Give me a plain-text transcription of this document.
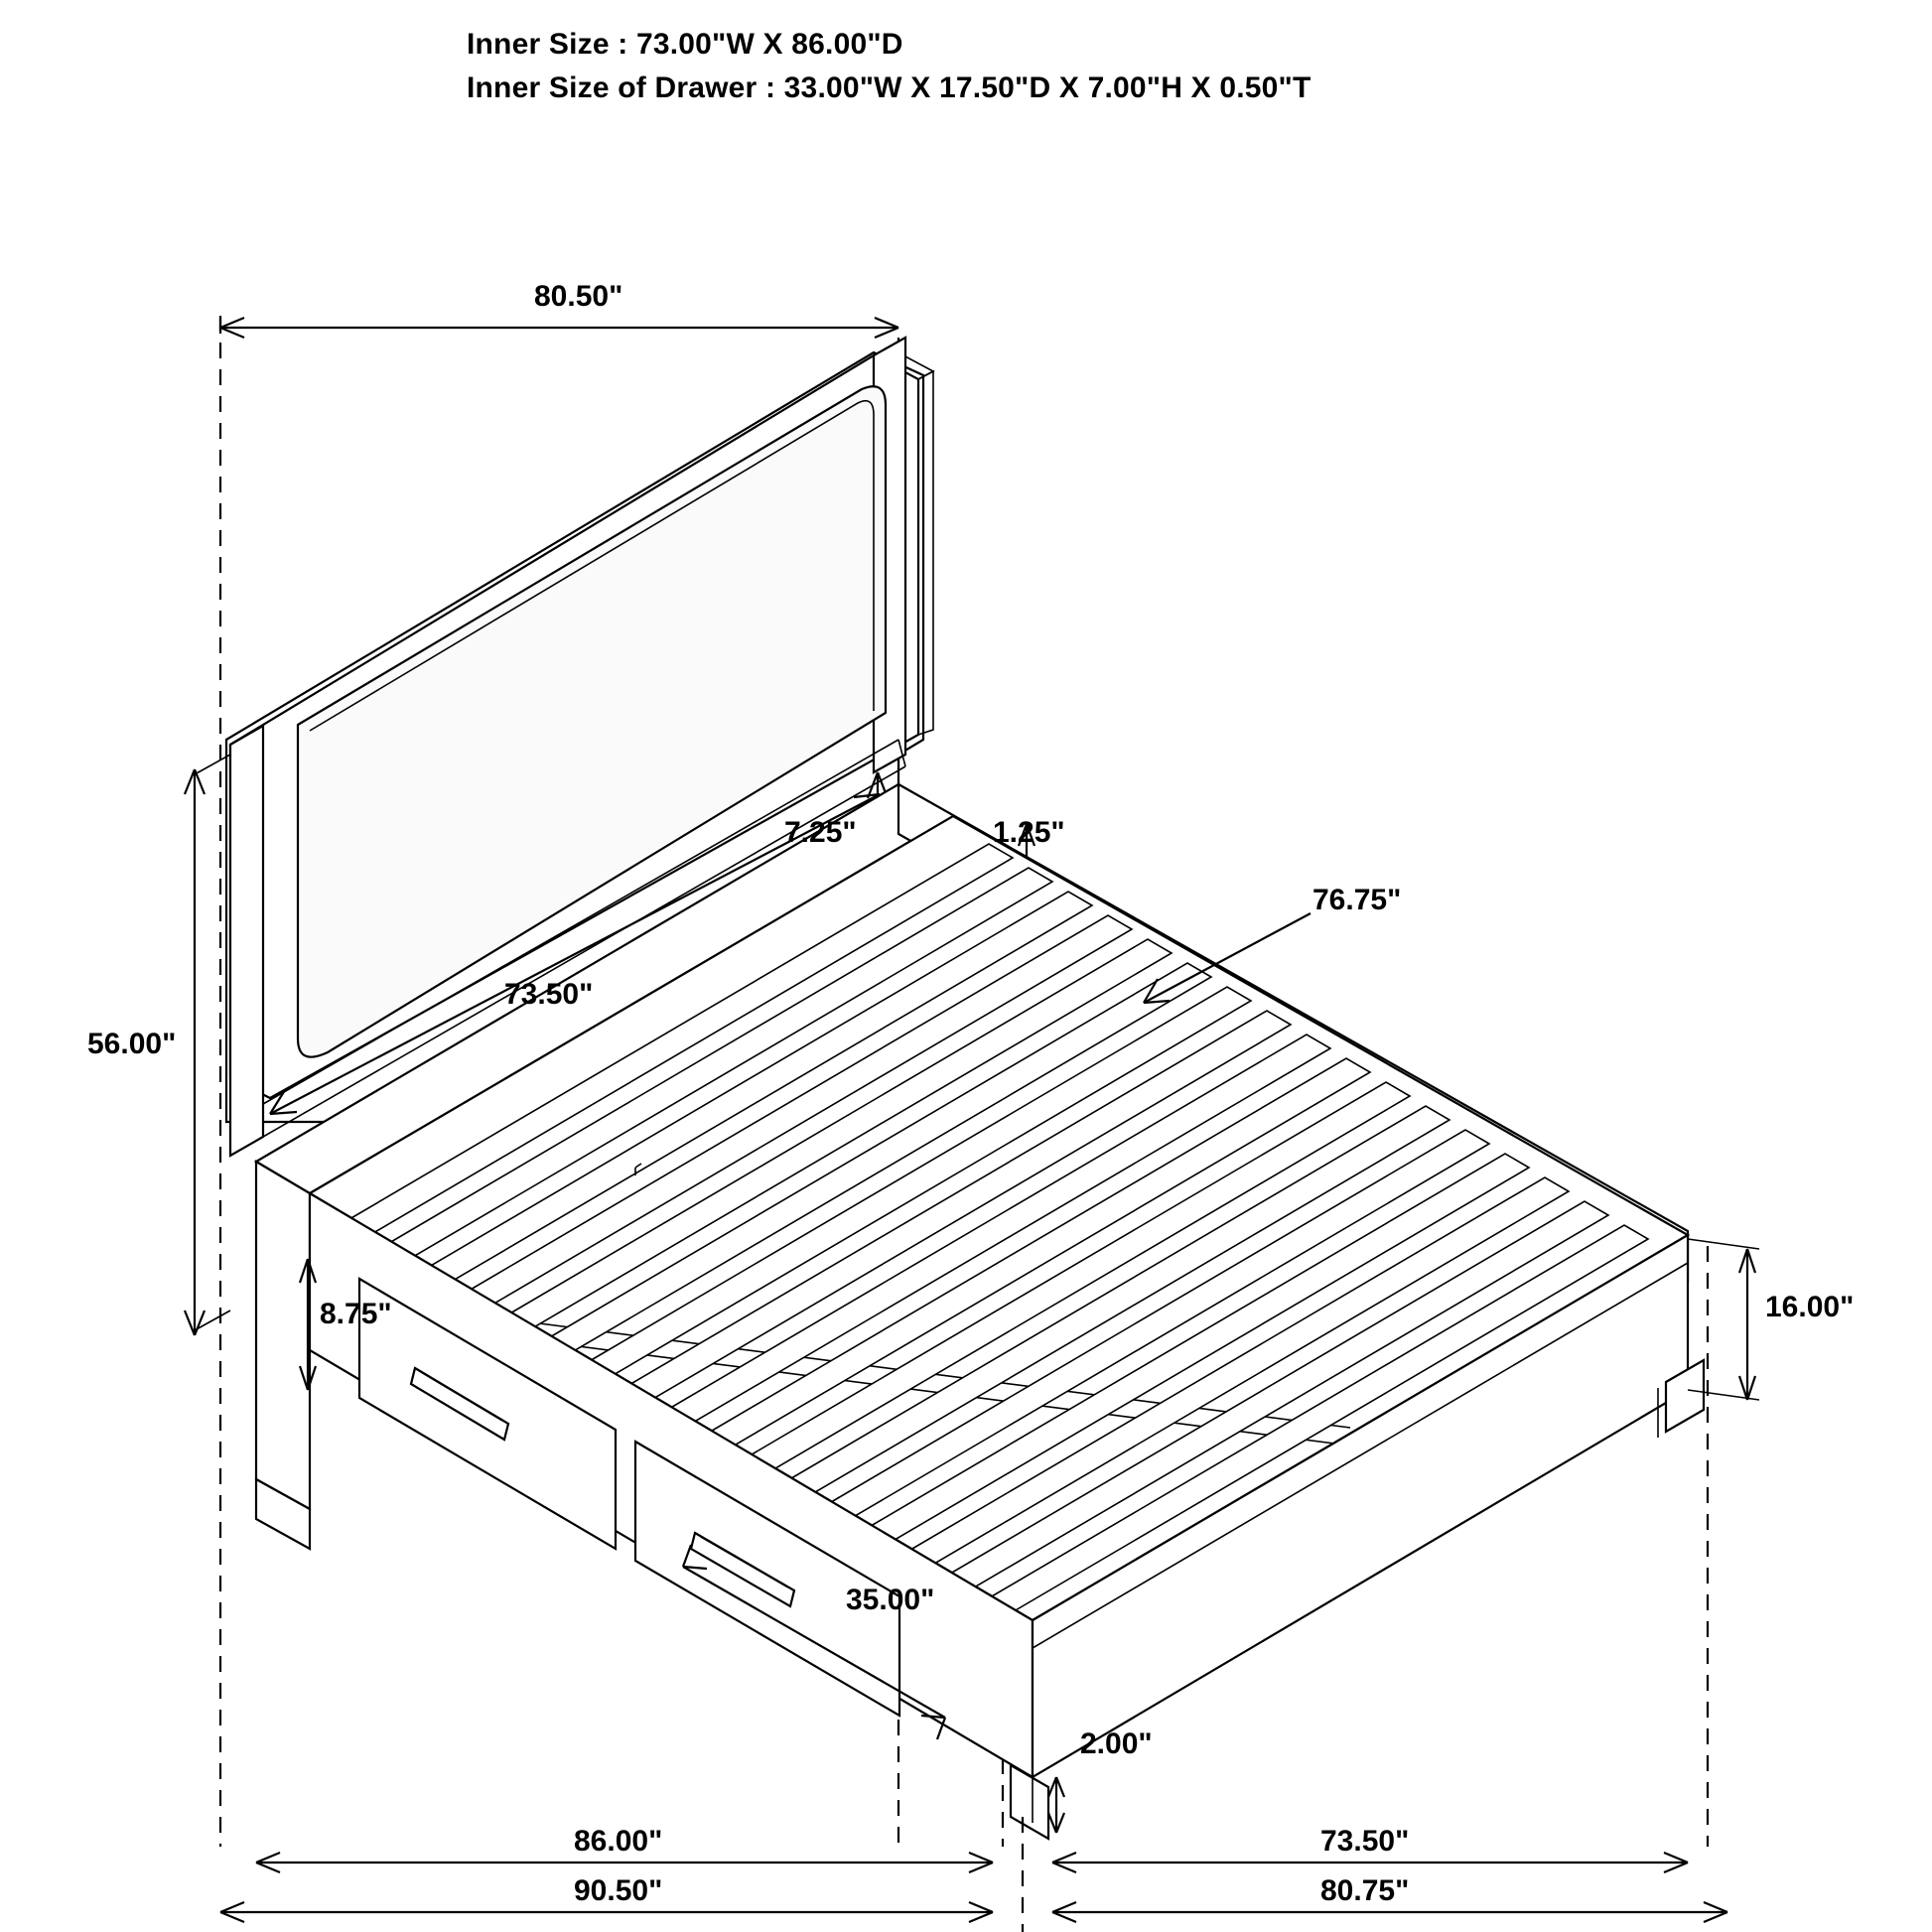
Inner Size : 73.00"W X 86.00"D
Inner Size of Drawer : 33.00"W X 17.50"D X 7.00"H X 0.50"T
80.50"
56.00"
7.25"	1.25"
73.50"
76.75"
8.75"
35.00"
16.00"
2.00"
86.00"	73.50"
90.50"	80.75"
